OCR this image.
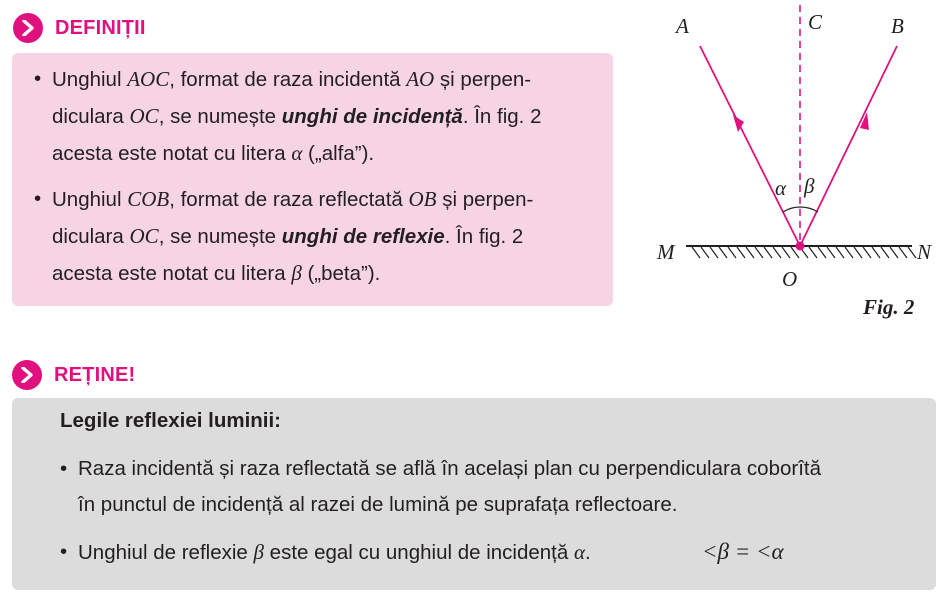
DEFINIȚII
• Unghiul AOC, format de raza incidentă AO și perpen-
diculara OC, se numește unghi de incidență. În fig. 2
acesta este notat cu litera α („alfa”).
• Unghiul COB, format de raza reflectată OB și perpen-
diculara OC, se numește unghi de reflexie. În fig. 2
acesta este notat cu litera β („beta”).
A	C	B
α β
M	N
O
Fig. 2
REȚINE!
Legile reflexiei luminii:
• Raza incidentă și raza reflectată se află în același plan cu perpendiculara coborîtă
în punctul de incidență al razei de lumină pe suprafața reflectoare.
• Unghiul de reflexie β este egal cu unghiul de incidență α.	<β = <α
